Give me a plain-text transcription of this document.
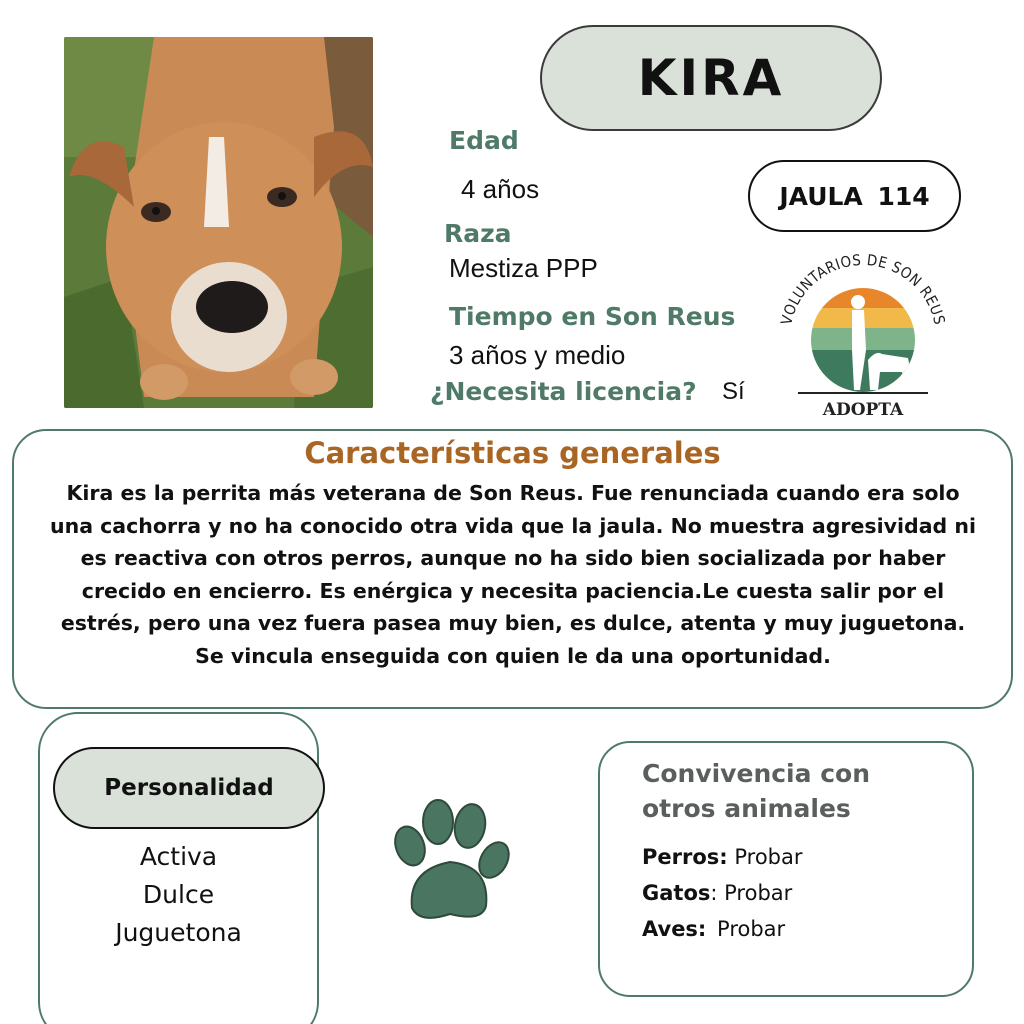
KIRA
Edad
4 años
Raza
Mestiza PPP
Tiempo en Son Reus
3 años y medio
¿Necesita licencia? Sí
JAULA 114
VOLUNTARIOS DE SON REUS
ADOPTA
Características generales
Kira es la perrita más veterana de Son Reus. Fue renunciada cuando era solo una cachorra y no ha conocido otra vida que la jaula. No muestra agresividad ni es reactiva con otros perros, aunque no ha sido bien socializada por haber crecido en encierro. Es enérgica y necesita paciencia.Le cuesta salir por el estrés, pero una vez fuera pasea muy bien, es dulce, atenta y muy juguetona. Se vincula enseguida con quien le da una oportunidad.
Personalidad
Activa
Dulce
Juguetona
Convivencia con
otros animales
Perros: Probar
Gatos: Probar
Aves: Probar
